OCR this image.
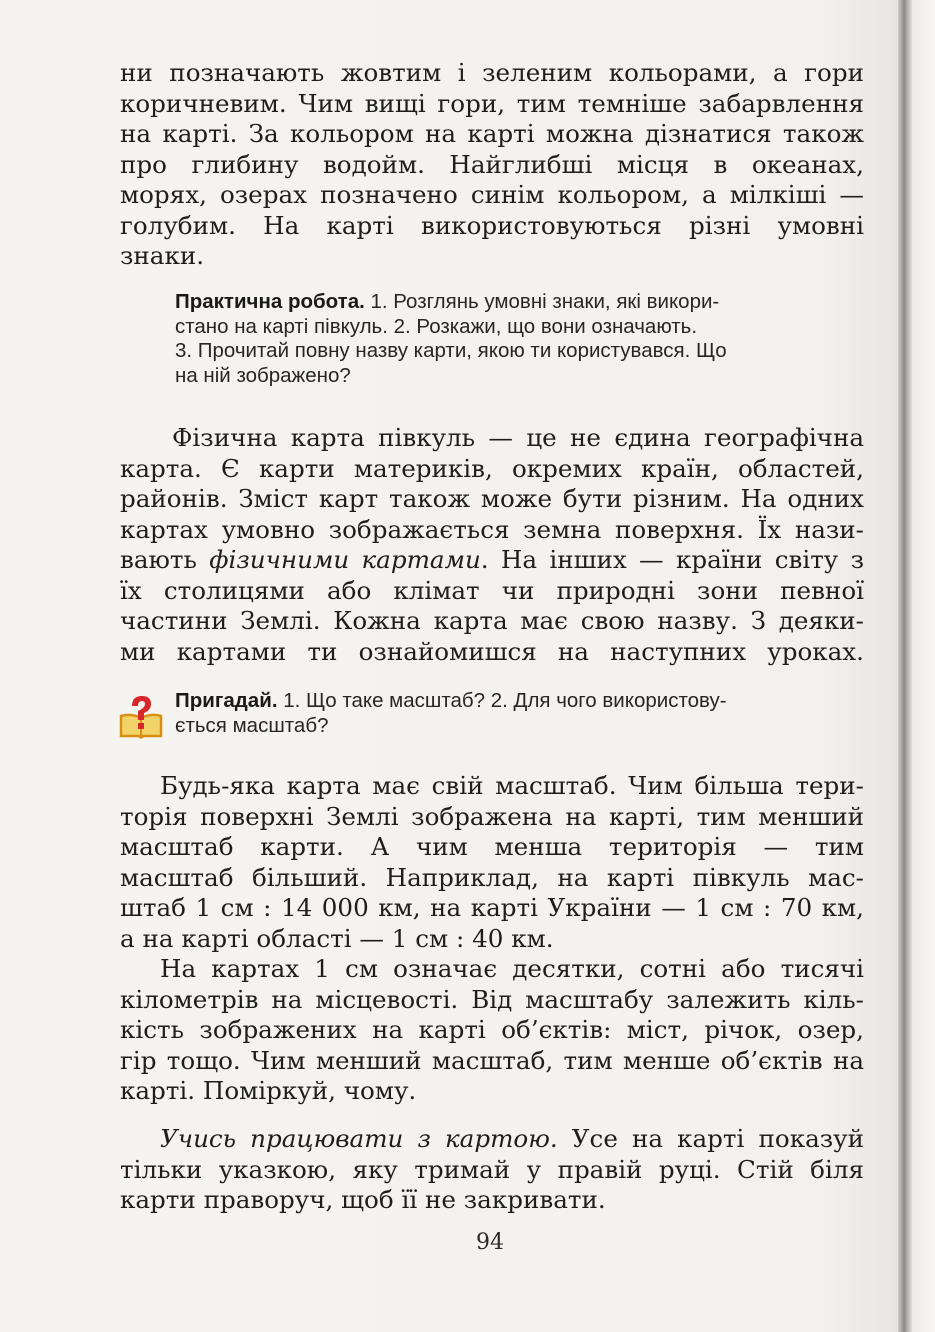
ни позначають жовтим і зеленим кольорами, а гори
коричневим. Чим вищі гори, тим темніше забарвлення
на карті. За кольором на карті можна дізнатися також
про глибину водойм. Найглибші місця в океанах,
морях, озерах позначено синім кольором, а мілкіші —
голубим. На карті використовуються різні умовні

знаки.

Практична робота. 1. Розглянь умовні знаки, які викори-
стано на карті півкуль. 2. Розкажи, що вони означають.
3. Прочитай повну назву карти, якою ти користувався. Що
на ній зображено?

Фізична карта півкуль — це не єдина географічна
карта. Є карти материків, окремих країн, областей,
районів. Зміст карт також може бути різним. На одних
картах умовно зображається земна поверхня. Їх нази-
вають фізичними картами. На інших — країни світу з
їх столицями або клімат чи природні зони певної
частини Землі. Кожна карта має свою назву. З деяки-
ми картами ти ознайомишся на наступних уроках.

Пригадай. 1. Що таке масштаб? 2. Для чого використову-
ється масштаб?

Будь-яка карта має свій масштаб. Чим більша тери-
торія поверхні Землі зображена на карті, тим менший
масштаб карти. А чим менша територія — тим
масштаб більший. Наприклад, на карті півкуль мас-
штаб 1 см : 14 000 км, на карті України — 1 см : 70 км,

а на карті області — 1 см : 40 км.

На картах 1 см означає десятки, сотні або тисячі
кілометрів на місцевості. Від масштабу залежить кіль-
кість зображених на карті об’єктів: міст, річок, озер,
гір тощо. Чим менший масштаб, тим менше об’єктів на

карті. Поміркуй, чому.

Учись працювати з картою. Усе на карті показуй
тільки указкою, яку тримай у правій руці. Стій біля

карти праворуч, щоб її не закривати.

94
